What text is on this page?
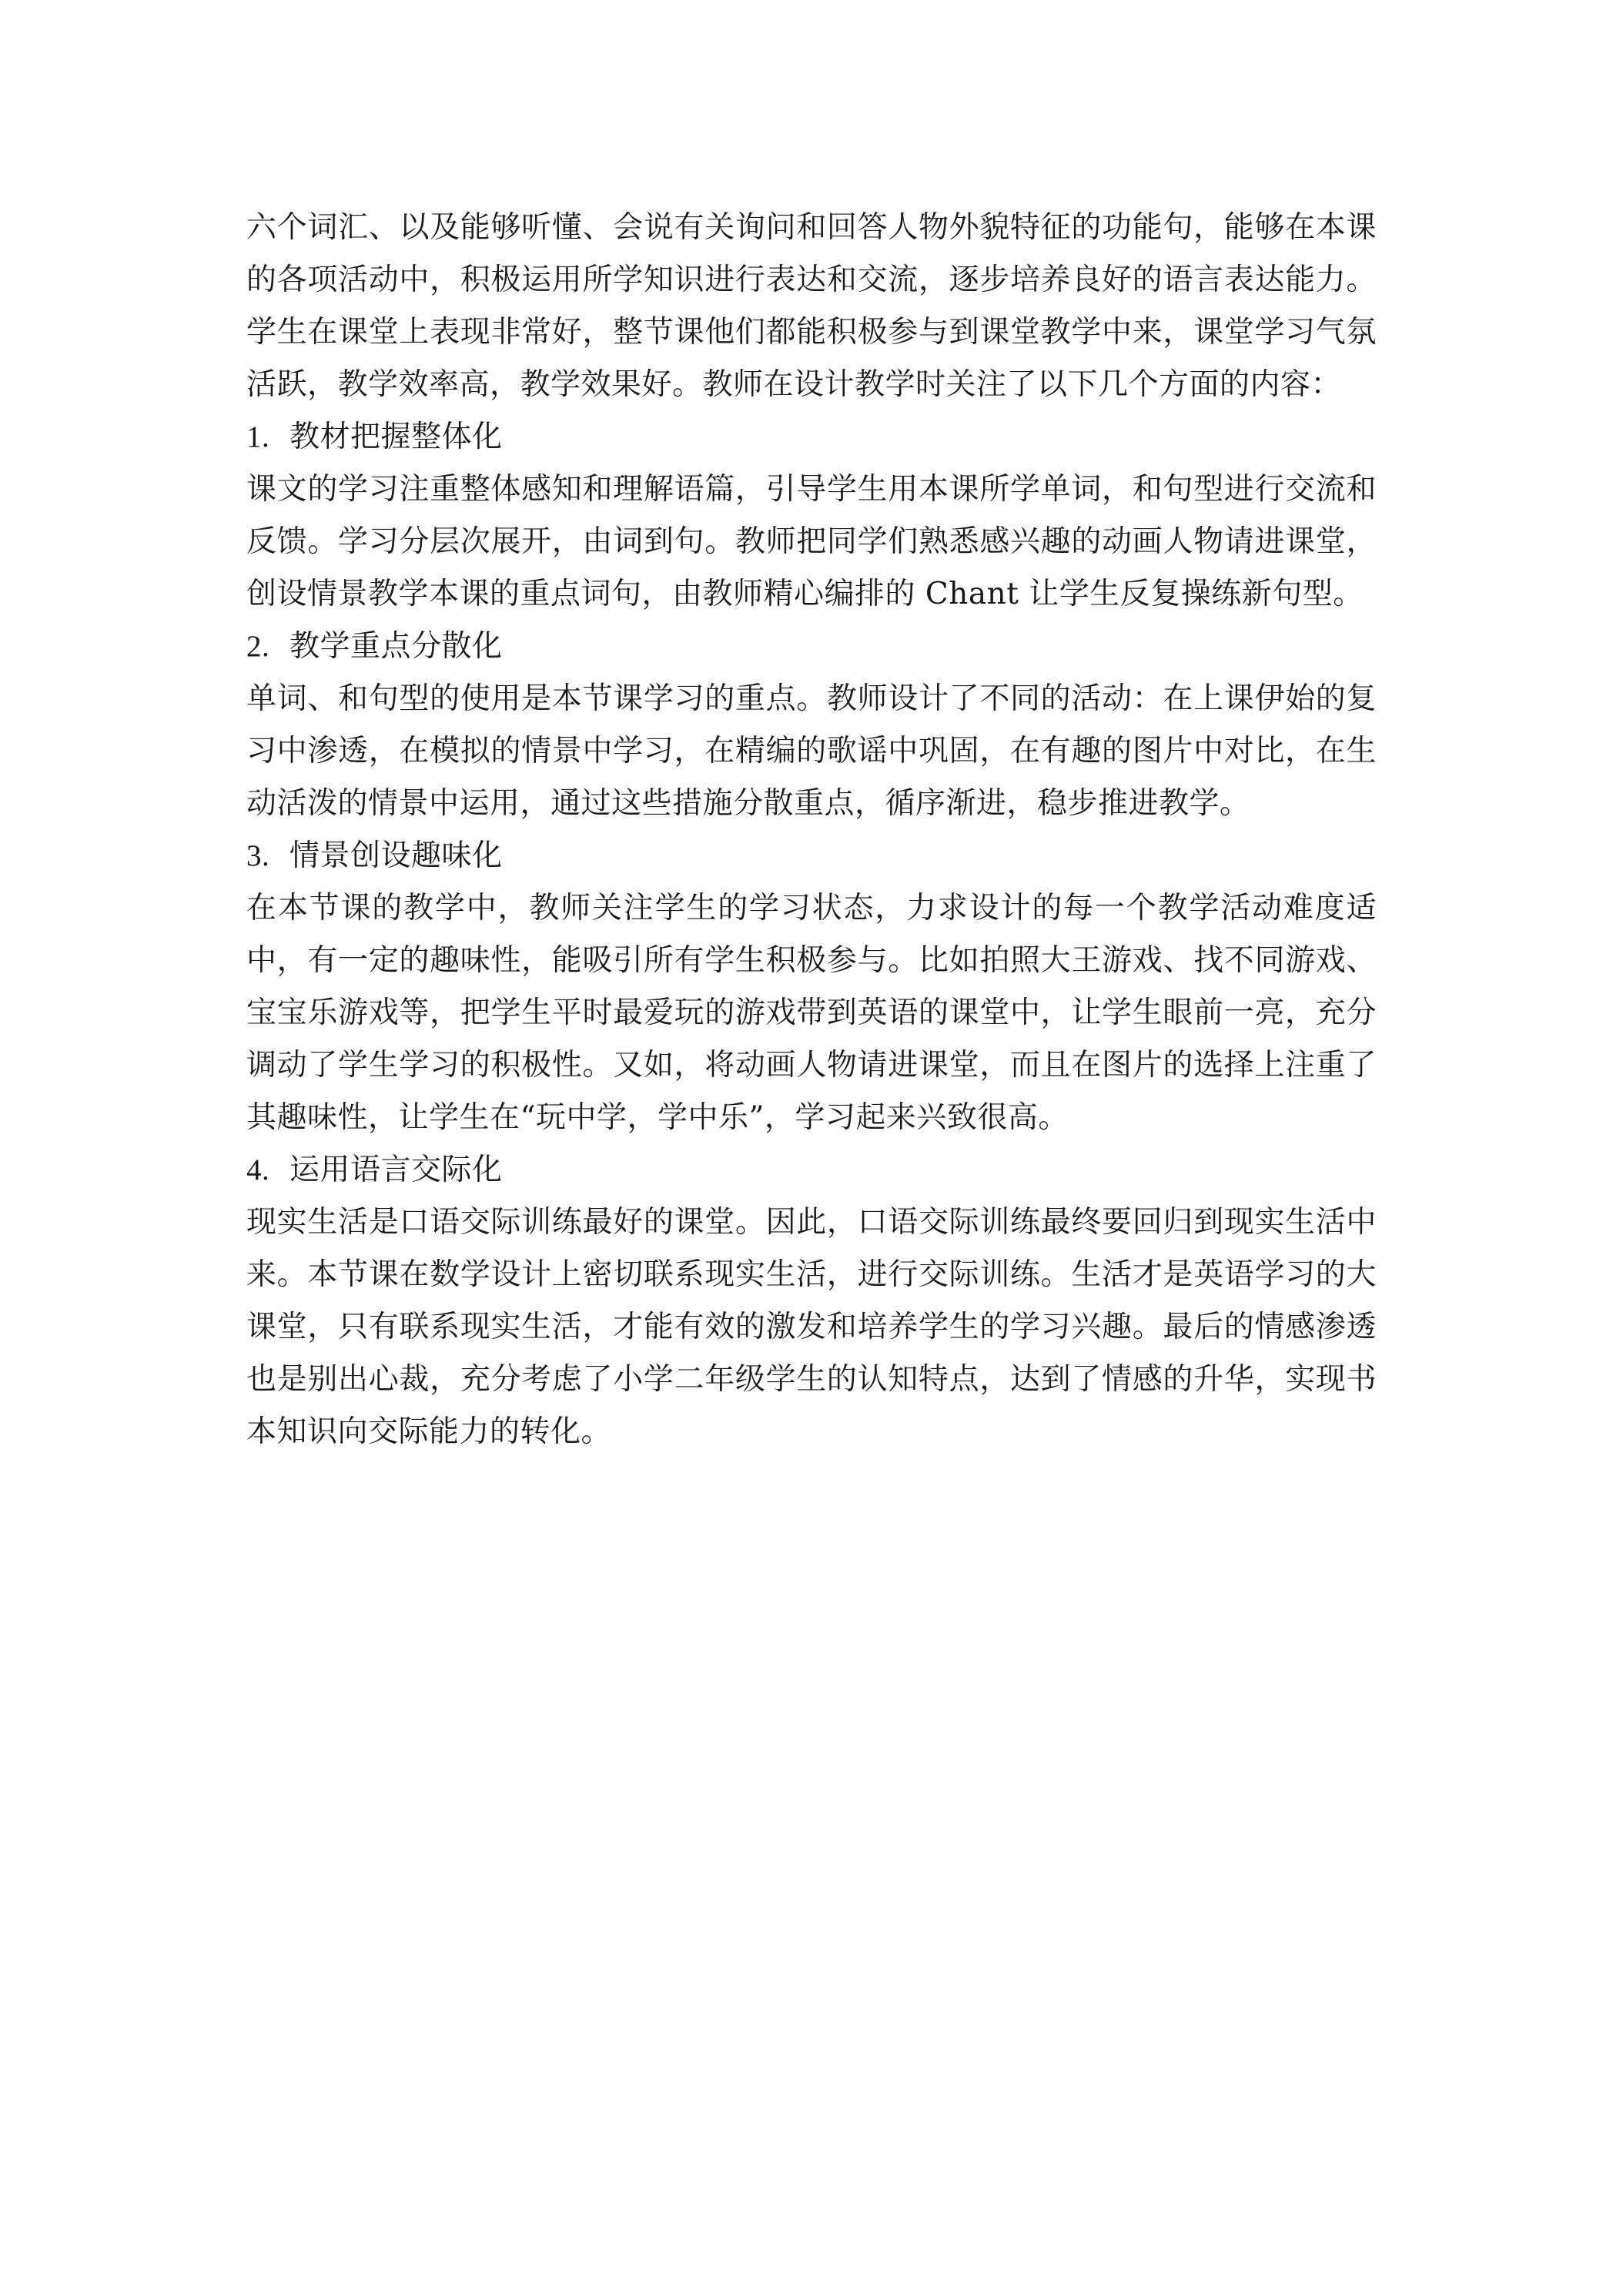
六个词汇、以及能够听懂、会说有关询问和回答人物外貌特征的功能句，能够在本课的各项活动中，积极运用所学知识进行表达和交流，逐步培养良好的语言表达能力。学生在课堂上表现非常好，整节课他们都能积极参与到课堂教学中来，课堂学习气氛活跃，教学效率高，教学效果好。教师在设计教学时关注了以下几个方面的内容：

1. 教材把握整体化

课文的学习注重整体感知和理解语篇，引导学生用本课所学单词，和句型进行交流和反馈。学习分层次展开，由词到句。教师把同学们熟悉感兴趣的动画人物请进课堂，创设情景教学本课的重点词句，由教师精心编排的 Chant 让学生反复操练新句型。

2. 教学重点分散化

单词、和句型的使用是本节课学习的重点。教师设计了不同的活动：在上课伊始的复习中渗透，在模拟的情景中学习，在精编的歌谣中巩固，在有趣的图片中对比，在生动活泼的情景中运用，通过这些措施分散重点，循序渐进，稳步推进教学。

3. 情景创设趣味化

在本节课的教学中，教师关注学生的学习状态，力求设计的每一个教学活动难度适中，有一定的趣味性，能吸引所有学生积极参与。比如拍照大王游戏、找不同游戏、宝宝乐游戏等，把学生平时最爱玩的游戏带到英语的课堂中，让学生眼前一亮，充分调动了学生学习的积极性。又如，将动画人物请进课堂，而且在图片的选择上注重了其趣味性，让学生在“玩中学，学中乐”，学习起来兴致很高。

4. 运用语言交际化

现实生活是口语交际训练最好的课堂。因此，口语交际训练最终要回归到现实生活中来。本节课在数学设计上密切联系现实生活，进行交际训练。生活才是英语学习的大课堂，只有联系现实生活，才能有效的激发和培养学生的学习兴趣。最后的情感渗透也是别出心裁，充分考虑了小学二年级学生的认知特点，达到了情感的升华，实现书本知识向交际能力的转化。
